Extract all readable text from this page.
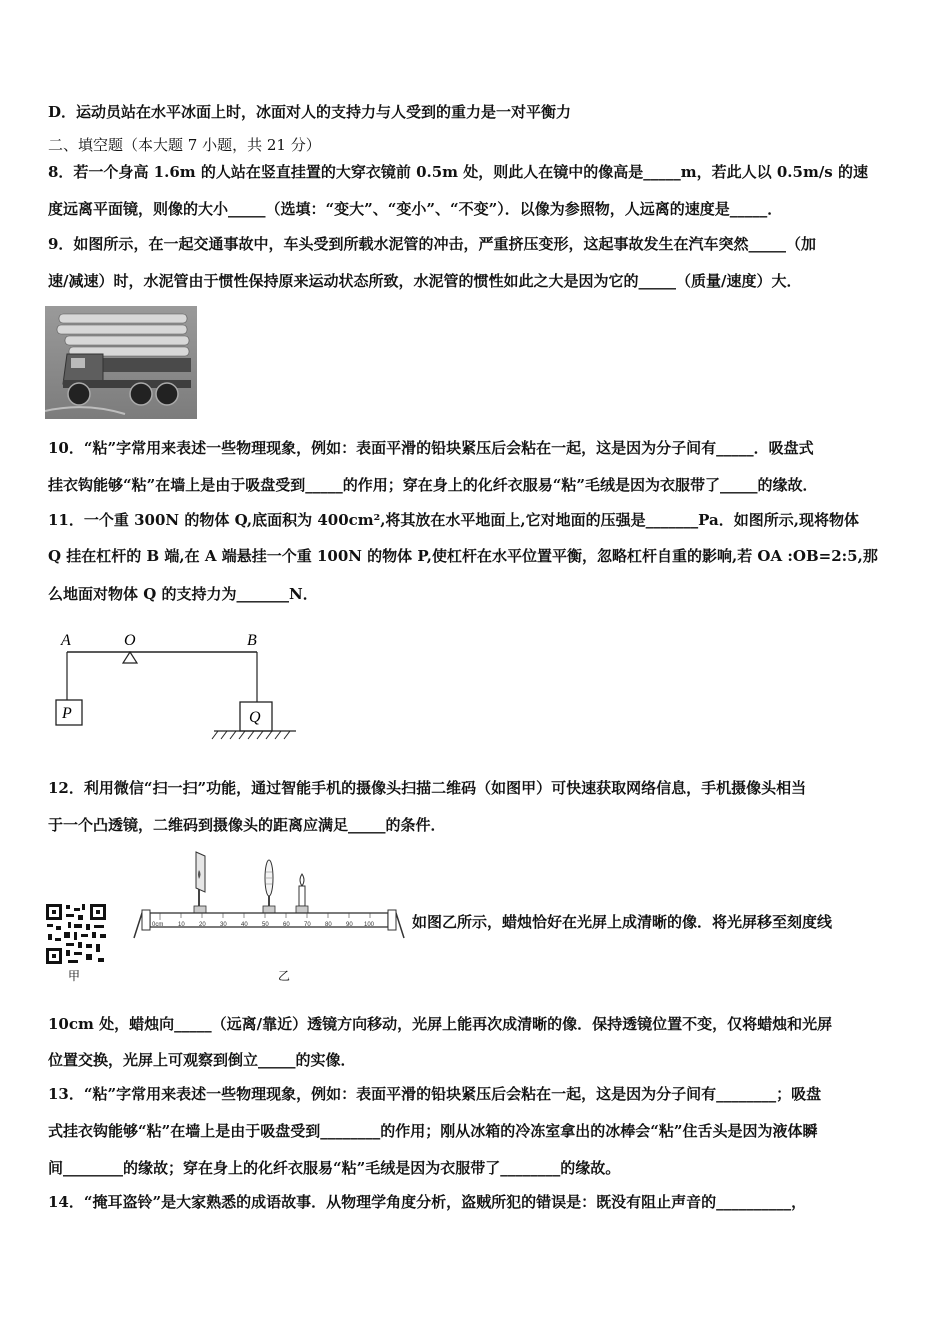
D．运动员站在水平冰面上时，冰面对人的支持力与人受到的重力是一对平衡力
二、填空题（本大题 7 小题，共 21 分）
8．若一个身高 1.6m 的人站在竖直挂置的大穿衣镜前 0.5m 处，则此人在镜中的像高是_____m，若此人以 0.5m/s 的速
度远离平面镜，则像的大小_____（选填：“变大”、“变小”、“不变”）．以像为参照物，人远离的速度是_____．
9．如图所示，在一起交通事故中，车头受到所载水泥管的冲击，严重挤压变形，这起事故发生在汽车突然_____（加
速/减速）时，水泥管由于惯性保持原来运动状态所致，水泥管的惯性如此之大是因为它的_____（质量/速度）大．
10．“粘”字常用来表述一些物理现象，例如：表面平滑的铅块紧压后会粘在一起，这是因为分子间有_____．吸盘式
挂衣钩能够“粘”在墙上是由于吸盘受到_____的作用；穿在身上的化纤衣服易“粘”毛绒是因为衣服带了_____的缘故．
11．一个重 300N 的物体 Q,底面积为 400cm²,将其放在水平地面上,它对地面的压强是_______Pa．如图所示,现将物体
Q 挂在杠杆的 B 端,在 A 端悬挂一个重 100N 的物体 P,使杠杆在水平位置平衡，忽略杠杆自重的影响,若 OA :OB=2:5,那
么地面对物体 Q 的支持力为_______N．
A	O	B
P	Q
12．利用微信“扫一扫”功能，通过智能手机的摄像头扫描二维码（如图甲）可快速获取网络信息，手机摄像头相当
于一个凸透镜，二维码到摄像头的距离应满足_____的条件．
甲
0cm 10 20 30 40 50 60 70 80 90 100
乙
如图乙所示，蜡烛恰好在光屏上成清晰的像．将光屏移至刻度线
10cm 处，蜡烛向_____（远离/靠近）透镜方向移动，光屏上能再次成清晰的像．保持透镜位置不变，仅将蜡烛和光屏
位置交换，光屏上可观察到倒立_____的实像．
13．“粘”字常用来表述一些物理现象，例如：表面平滑的铅块紧压后会粘在一起，这是因为分子间有________；吸盘
式挂衣钩能够“粘”在墙上是由于吸盘受到________的作用；刚从冰箱的冷冻室拿出的冰棒会“粘”住舌头是因为液体瞬
间________的缘故；穿在身上的化纤衣服易“粘”毛绒是因为衣服带了________的缘故。
14．“掩耳盗铃”是大家熟悉的成语故事．从物理学角度分析，盗贼所犯的错误是：既没有阻止声音的__________，
